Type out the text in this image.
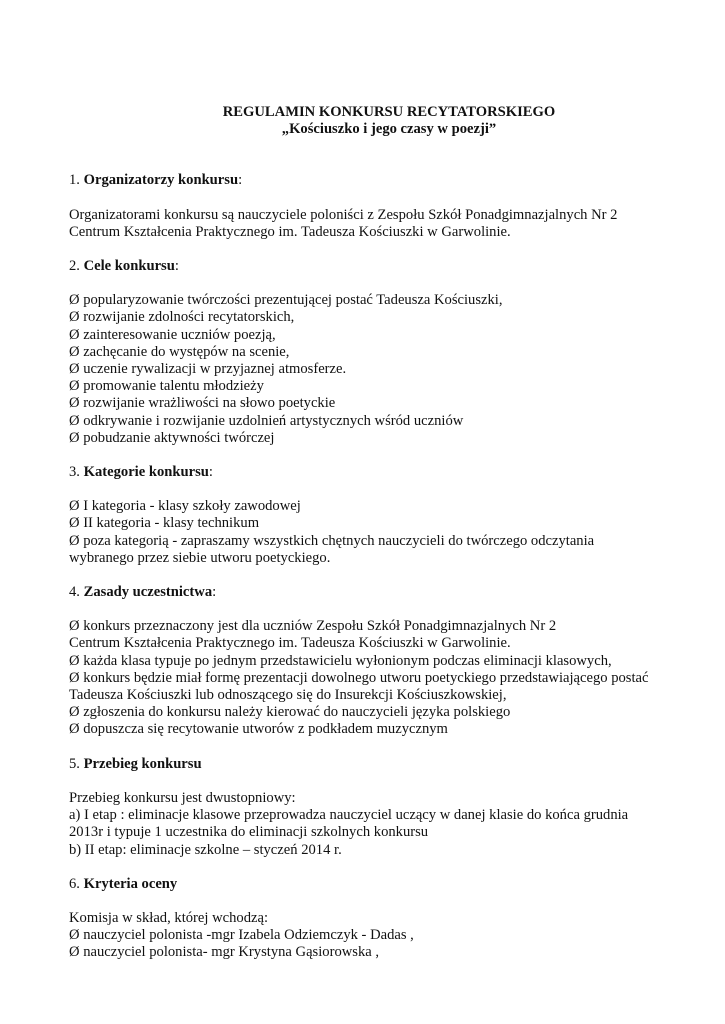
REGULAMIN KONKURSU RECYTATORSKIEGO
„Kościuszko i jego czasy w poezji”

1. Organizatorzy konkursu:

Organizatorami konkursu są nauczyciele poloniści z Zespołu Szkół Ponadgimnazjalnych Nr 2
Centrum Kształcenia Praktycznego im. Tadeusza Kościuszki w Garwolinie.

2. Cele konkursu:

Ø popularyzowanie twórczości prezentującej postać Tadeusza Kościuszki,
Ø rozwijanie zdolności recytatorskich,
Ø zainteresowanie uczniów poezją,
Ø zachęcanie do występów na scenie,
Ø uczenie rywalizacji w przyjaznej atmosferze.
Ø promowanie talentu młodzieży
Ø rozwijanie wrażliwości na słowo poetyckie
Ø odkrywanie i rozwijanie uzdolnień artystycznych wśród uczniów
Ø pobudzanie aktywności twórczej

3. Kategorie konkursu:

Ø I kategoria - klasy szkoły zawodowej
Ø II kategoria - klasy technikum
Ø poza kategorią - zapraszamy wszystkich chętnych nauczycieli do twórczego odczytania
wybranego przez siebie utworu poetyckiego.

4. Zasady uczestnictwa:

Ø konkurs przeznaczony jest dla uczniów Zespołu Szkół Ponadgimnazjalnych Nr 2
Centrum Kształcenia Praktycznego im. Tadeusza Kościuszki w Garwolinie.
Ø każda klasa typuje po jednym przedstawicielu wyłonionym podczas eliminacji klasowych,
Ø konkurs będzie miał formę prezentacji dowolnego utworu poetyckiego przedstawiającego postać
Tadeusza Kościuszki lub odnoszącego się do Insurekcji Kościuszkowskiej,
Ø zgłoszenia do konkursu należy kierować do nauczycieli języka polskiego
Ø dopuszcza się recytowanie utworów z podkładem muzycznym

5. Przebieg konkursu

Przebieg konkursu jest dwustopniowy:
a) I etap : eliminacje klasowe przeprowadza nauczyciel uczący w danej klasie do końca grudnia
2013r i typuje 1 uczestnika do eliminacji szkolnych konkursu
b) II etap: eliminacje szkolne – styczeń 2014 r.

6. Kryteria oceny

Komisja w skład, której wchodzą:
Ø nauczyciel polonista -mgr Izabela Odziemczyk - Dadas ,
Ø nauczyciel polonista- mgr Krystyna Gąsiorowska ,
